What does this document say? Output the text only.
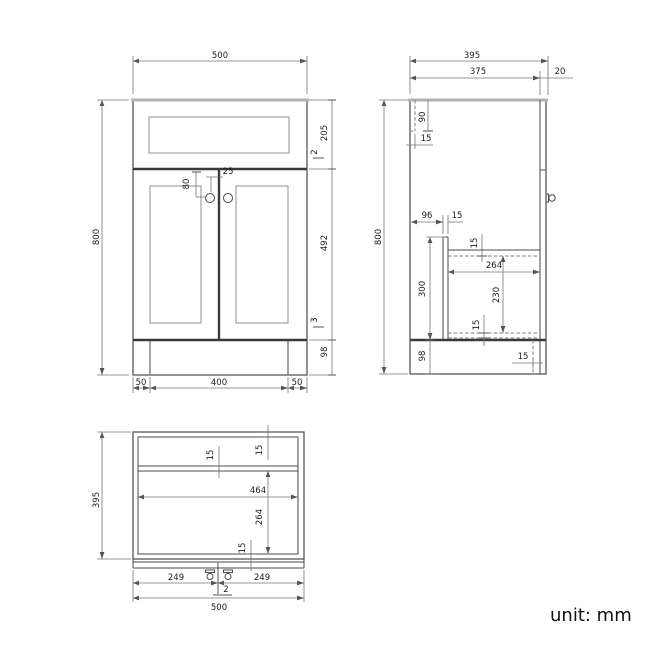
500
800
205
2
492
3
98
50	400	50
80
25
395
375	20
90
15
800
96 15
15
264
300	230
15
98	15
395
15
15
464
264
15
249	249
2
500	unit: mm
